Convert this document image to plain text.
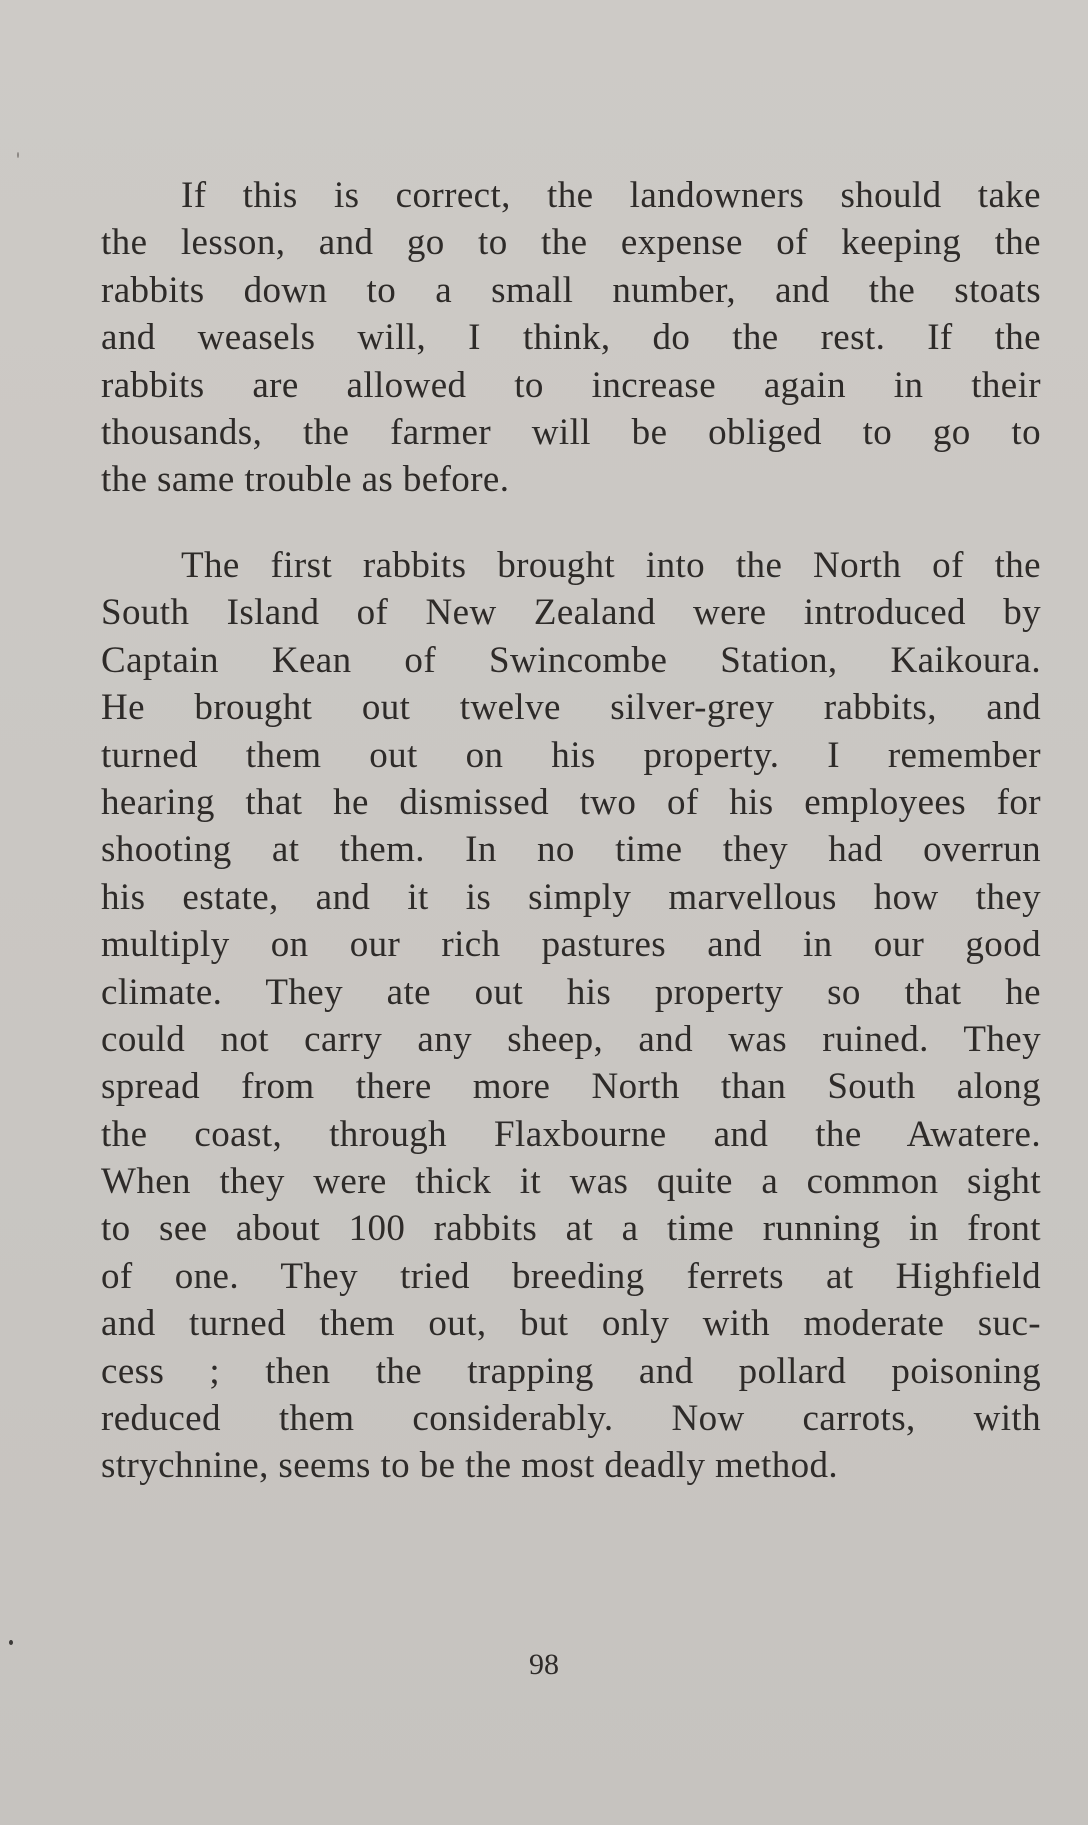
If this is correct, the landowners should take
the lesson, and go to the expense of keeping the
rabbits down to a small number, and the stoats
and weasels will, I think, do the rest. If the
rabbits are allowed to increase again in their
thousands, the farmer will be obliged to go to
the same trouble as before.
The first rabbits brought into the North of the
South Island of New Zealand were introduced by
Captain Kean of Swincombe Station, Kaikoura.
He brought out twelve silver-grey rabbits, and
turned them out on his property. I remember
hearing that he dismissed two of his employees for
shooting at them. In no time they had overrun
his estate, and it is simply marvellous how they
multiply on our rich pastures and in our good
climate. They ate out his property so that he
could not carry any sheep, and was ruined. They
spread from there more North than South along
the coast, through Flaxbourne and the Awatere.
When they were thick it was quite a common sight
to see about 100 rabbits at a time running in front
of one. They tried breeding ferrets at Highfield
and turned them out, but only with moderate suc-
cess ; then the trapping and pollard poisoning
reduced them considerably. Now carrots, with
strychnine, seems to be the most deadly method.
98
